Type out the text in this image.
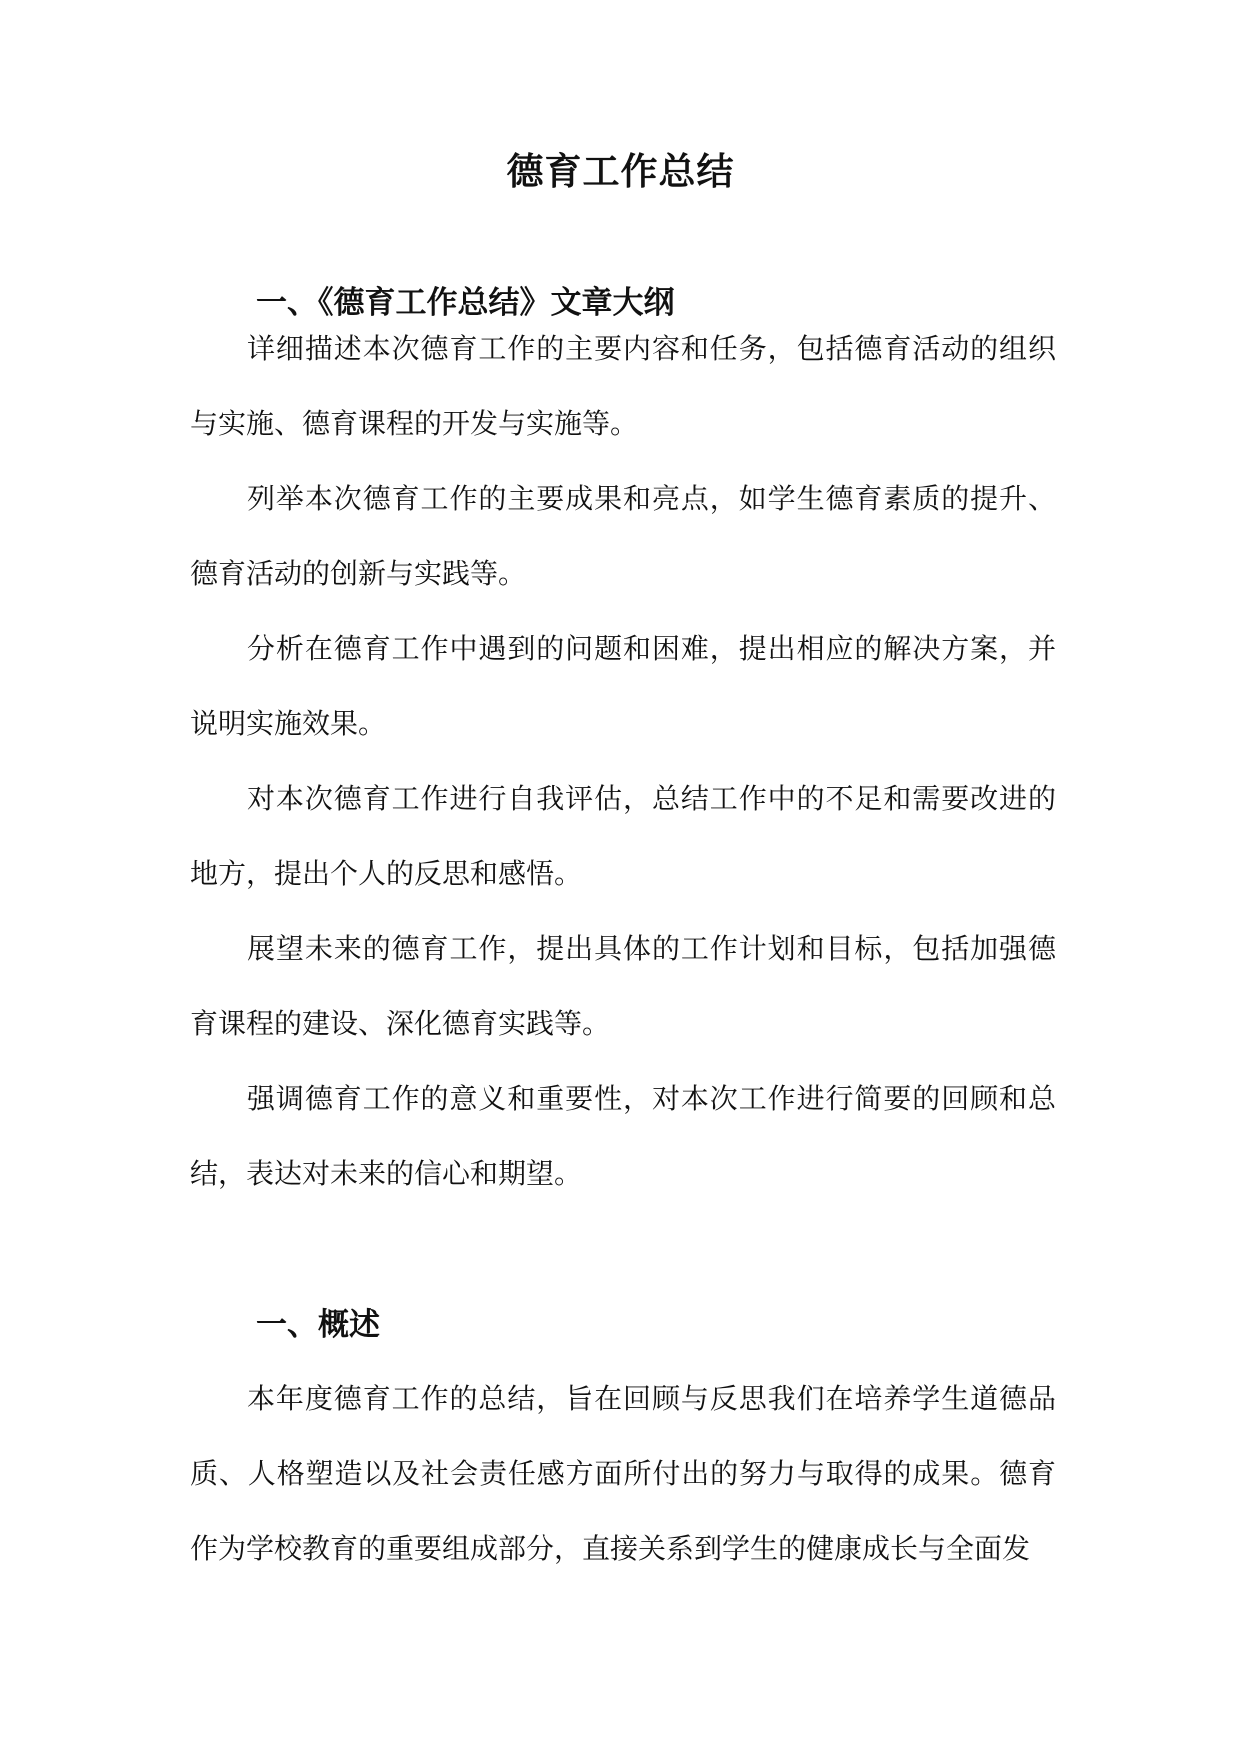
德育工作总结
一、《德育工作总结》文章大纲

详细描述本次德育工作的主要内容和任务，包括德育活动的组织与实施、德育课程的开发与实施等。

列举本次德育工作的主要成果和亮点，如学生德育素质的提升、德育活动的创新与实践等。

分析在德育工作中遇到的问题和困难，提出相应的解决方案，并说明实施效果。

对本次德育工作进行自我评估，总结工作中的不足和需要改进的地方，提出个人的反思和感悟。

展望未来的德育工作，提出具体的工作计划和目标，包括加强德育课程的建设、深化德育实践等。

强调德育工作的意义和重要性，对本次工作进行简要的回顾和总结，表达对未来的信心和期望。

一、概述

本年度德育工作的总结，旨在回顾与反思我们在培养学生道德品质、人格塑造以及社会责任感方面所付出的努力与取得的成果。德育作为学校教育的重要组成部分，直接关系到学生的健康成长与全面发
